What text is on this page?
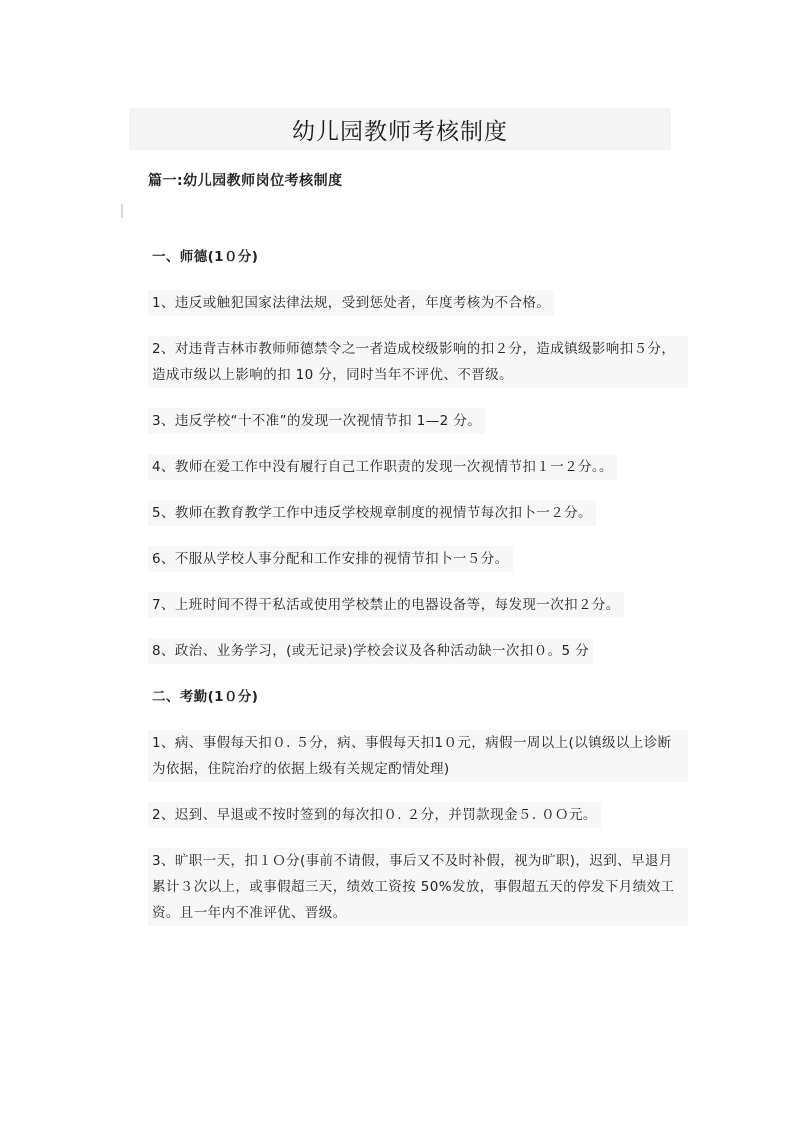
幼儿园教师考核制度
篇一:幼儿园教师岗位考核制度

一、师德(1０分)

1、违反或触犯国家法律法规，受到惩处者，年度考核为不合格。

2、对违背吉林市教师师德禁令之一者造成校级影响的扣２分，造成镇级影响扣５分，造成市级以上影响的扣 10 分，同时当年不评优、不晋级。

3、违反学校“十不准”的发现一次视情节扣 1—2 分。

4、教师在爱工作中没有履行自己工作职责的发现一次视情节扣１一２分。。

5、教师在教育教学工作中违反学校规章制度的视情节每次扣卜一２分。

6、不服从学校人事分配和工作安排的视情节扣卜一５分。

7、上班时间不得干私活或使用学校禁止的电器设备等，每发现一次扣２分。

8、政治、业务学习，(或无记录)学校会议及各种活动缺一次扣０。5 分

二、考勤(1０分)

1、病、事假每天扣０. ５分，病、事假每天扣1０元，病假一周以上(以镇级以上诊断为依据，住院治疗的依据上级有关规定酌情处理)

2、迟到、早退或不按时签到的每次扣０. ２分，并罚款现金５. ０Ｏ元。

3、旷职一天，扣１Ｏ分(事前不请假，事后又不及时补假，视为旷职)，迟到、早退月累计３次以上，或事假超三天，绩效工资按 50%发放，事假超五天的停发下月绩效工资。且一年内不准评优、晋级。
